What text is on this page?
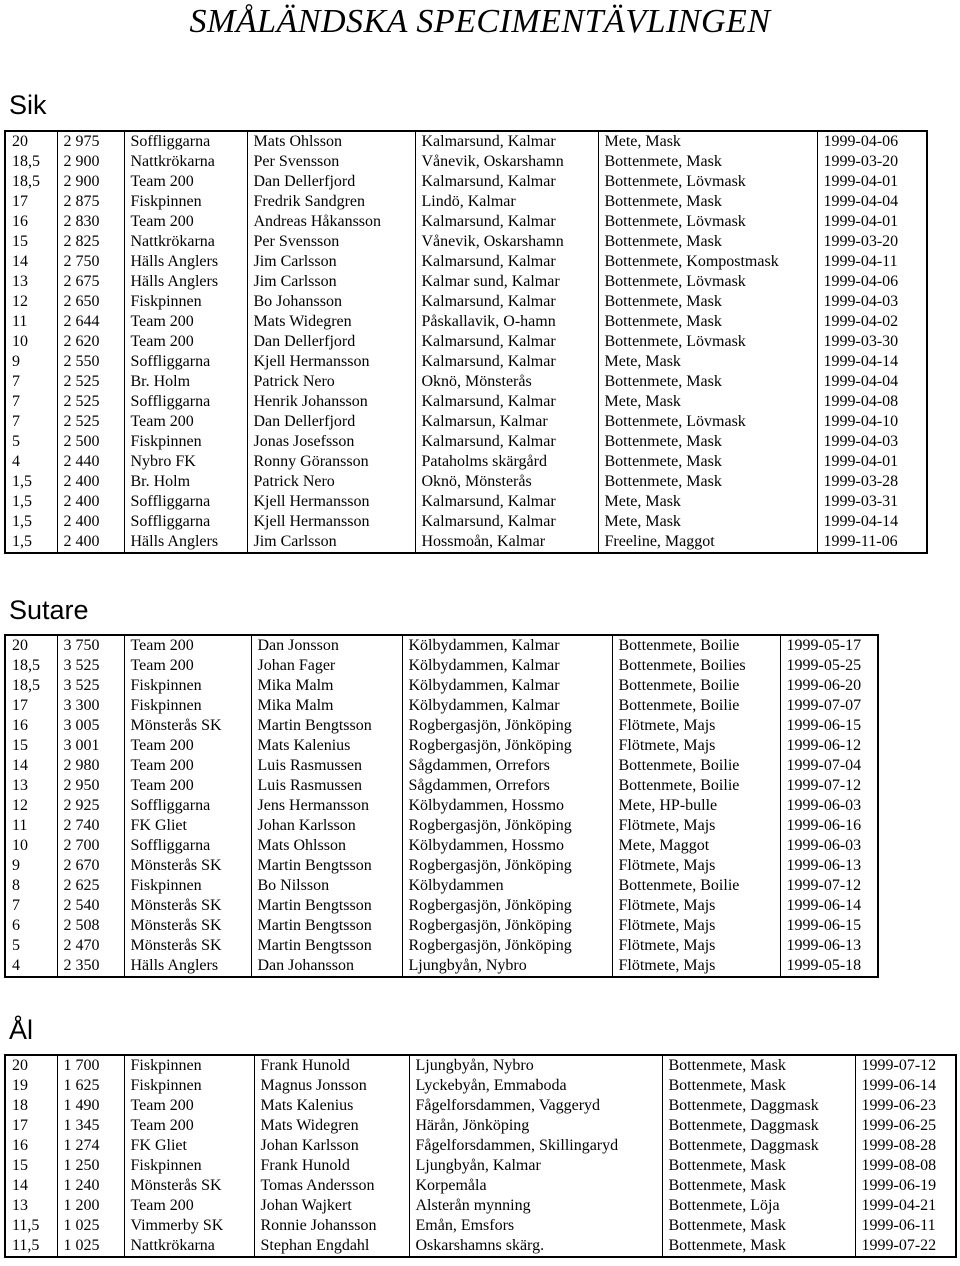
SMÅLÄNDSKA SPECIMENTÄVLINGEN
Sik
20	2 975	Soffliggarna	Mats Ohlsson	Kalmarsund, Kalmar	Mete, Mask	1999-04-06
18,5	2 900	Nattkrökarna	Per Svensson	Vånevik, Oskarshamn	Bottenmete, Mask	1999-03-20
18,5	2 900	Team 200	Dan Dellerfjord	Kalmarsund, Kalmar	Bottenmete, Lövmask	1999-04-01
17	2 875	Fiskpinnen	Fredrik Sandgren	Lindö, Kalmar	Bottenmete, Mask	1999-04-04
16	2 830	Team 200	Andreas Håkansson	Kalmarsund, Kalmar	Bottenmete, Lövmask	1999-04-01
15	2 825	Nattkrökarna	Per Svensson	Vånevik, Oskarshamn	Bottenmete, Mask	1999-03-20
14	2 750	Hälls Anglers	Jim Carlsson	Kalmarsund, Kalmar	Bottenmete, Kompostmask	1999-04-11
13	2 675	Hälls Anglers	Jim Carlsson	Kalmar sund, Kalmar	Bottenmete, Lövmask	1999-04-06
12	2 650	Fiskpinnen	Bo Johansson	Kalmarsund, Kalmar	Bottenmete, Mask	1999-04-03
11	2 644	Team 200	Mats Widegren	Påskallavik, O-hamn	Bottenmete, Mask	1999-04-02
10	2 620	Team 200	Dan Dellerfjord	Kalmarsund, Kalmar	Bottenmete, Lövmask	1999-03-30
9	2 550	Soffliggarna	Kjell Hermansson	Kalmarsund, Kalmar	Mete, Mask	1999-04-14
7	2 525	Br. Holm	Patrick Nero	Oknö, Mönsterås	Bottenmete, Mask	1999-04-04
7	2 525	Soffliggarna	Henrik Johansson	Kalmarsund, Kalmar	Mete, Mask	1999-04-08
7	2 525	Team 200	Dan Dellerfjord	Kalmarsun, Kalmar	Bottenmete, Lövmask	1999-04-10
5	2 500	Fiskpinnen	Jonas Josefsson	Kalmarsund, Kalmar	Bottenmete, Mask	1999-04-03
4	2 440	Nybro FK	Ronny Göransson	Pataholms skärgård	Bottenmete, Mask	1999-04-01
1,5	2 400	Br. Holm	Patrick Nero	Oknö, Mönsterås	Bottenmete, Mask	1999-03-28
1,5	2 400	Soffliggarna	Kjell Hermansson	Kalmarsund, Kalmar	Mete, Mask	1999-03-31
1,5	2 400	Soffliggarna	Kjell Hermansson	Kalmarsund, Kalmar	Mete, Mask	1999-04-14
1,5	2 400	Hälls Anglers	Jim Carlsson	Hossmoån, Kalmar	Freeline, Maggot	1999-11-06
Sutare
20	3 750	Team 200	Dan Jonsson	Kölbydammen, Kalmar	Bottenmete, Boilie	1999-05-17
18,5	3 525	Team 200	Johan Fager	Kölbydammen, Kalmar	Bottenmete, Boilies	1999-05-25
18,5	3 525	Fiskpinnen	Mika Malm	Kölbydammen, Kalmar	Bottenmete, Boilie	1999-06-20
17	3 300	Fiskpinnen	Mika Malm	Kölbydammen, Kalmar	Bottenmete, Boilie	1999-07-07
16	3 005	Mönsterås SK	Martin Bengtsson	Rogbergasjön, Jönköping	Flötmete, Majs	1999-06-15
15	3 001	Team 200	Mats Kalenius	Rogbergasjön, Jönköping	Flötmete, Majs	1999-06-12
14	2 980	Team 200	Luis Rasmussen	Sågdammen, Orrefors	Bottenmete, Boilie	1999-07-04
13	2 950	Team 200	Luis Rasmussen	Sågdammen, Orrefors	Bottenmete, Boilie	1999-07-12
12	2 925	Soffliggarna	Jens Hermansson	Kölbydammen, Hossmo	Mete, HP-bulle	1999-06-03
11	2 740	FK Gliet	Johan Karlsson	Rogbergasjön, Jönköping	Flötmete, Majs	1999-06-16
10	2 700	Soffliggarna	Mats Ohlsson	Kölbydammen, Hossmo	Mete, Maggot	1999-06-03
9	2 670	Mönsterås SK	Martin Bengtsson	Rogbergasjön, Jönköping	Flötmete, Majs	1999-06-13
8	2 625	Fiskpinnen	Bo Nilsson	Kölbydammen	Bottenmete, Boilie	1999-07-12
7	2 540	Mönsterås SK	Martin Bengtsson	Rogbergasjön, Jönköping	Flötmete, Majs	1999-06-14
6	2 508	Mönsterås SK	Martin Bengtsson	Rogbergasjön, Jönköping	Flötmete, Majs	1999-06-15
5	2 470	Mönsterås SK	Martin Bengtsson	Rogbergasjön, Jönköping	Flötmete, Majs	1999-06-13
4	2 350	Hälls Anglers	Dan Johansson	Ljungbyån, Nybro	Flötmete, Majs	1999-05-18
Ål
20	1 700	Fiskpinnen	Frank Hunold	Ljungbyån, Nybro	Bottenmete, Mask	1999-07-12
19	1 625	Fiskpinnen	Magnus Jonsson	Lyckebyån, Emmaboda	Bottenmete, Mask	1999-06-14
18	1 490	Team 200	Mats Kalenius	Fågelforsdammen, Vaggeryd	Bottenmete, Daggmask	1999-06-23
17	1 345	Team 200	Mats Widegren	Härån, Jönköping	Bottenmete, Daggmask	1999-06-25
16	1 274	FK Gliet	Johan Karlsson	Fågelforsdammen, Skillingaryd	Bottenmete, Daggmask	1999-08-28
15	1 250	Fiskpinnen	Frank Hunold	Ljungbyån, Kalmar	Bottenmete, Mask	1999-08-08
14	1 240	Mönsterås SK	Tomas Andersson	Korpemåla	Bottenmete, Mask	1999-06-19
13	1 200	Team 200	Johan Wajkert	Alsterån mynning	Bottenmete, Löja	1999-04-21
11,5	1 025	Vimmerby SK	Ronnie Johansson	Emån, Emsfors	Bottenmete, Mask	1999-06-11
11,5	1 025	Nattkrökarna	Stephan Engdahl	Oskarshamns skärg.	Bottenmete, Mask	1999-07-22
